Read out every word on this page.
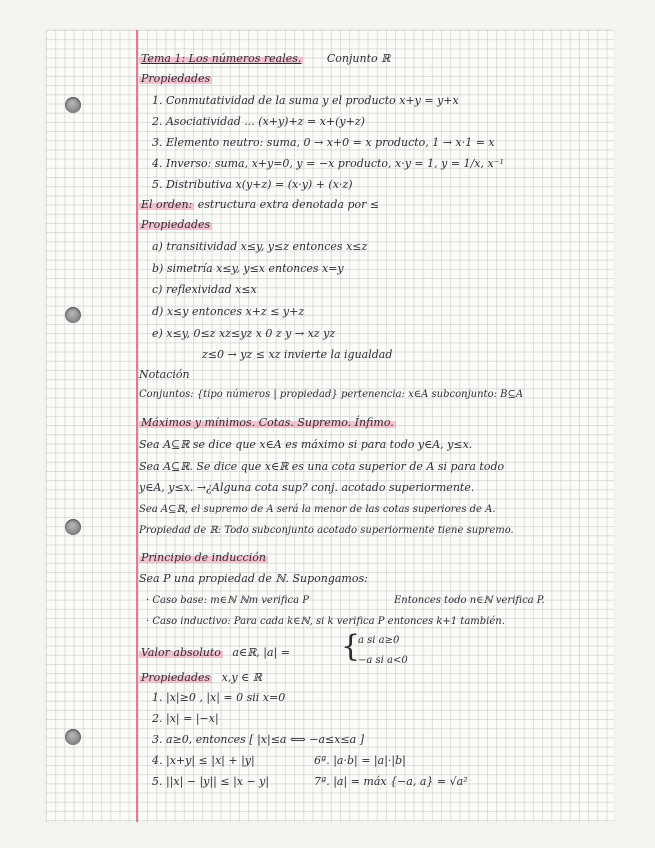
Tema 1: Los números reales. Conjunto ℝ
Propiedades
1. Conmutatividad de la suma y el producto x+y = y+x
2. Asociatividad ... (x+y)+z = x+(y+z)
3. Elemento neutro: suma, 0 → x+0 = x producto, 1 → x·1 = x
4. Inverso: suma, x+y=0, y = −x producto, x·y = 1, y = 1/x, x⁻¹
5. Distributiva x(y+z) = (x·y) + (x·z)
El orden: estructura extra denotada por ≤
Propiedades
a) transitividad x≤y, y≤z entonces x≤z
b) simetría x≤y, y≤x entonces x=y
c) reflexividad x≤x
d) x≤y entonces x+z ≤ y+z
e) x≤y, 0≤z xz≤yz x 0 z y → xz yz
z≤0 → yz ≤ xz invierte la igualdad
Notación
Conjuntos: {tipo números | propiedad} pertenencia: x∈A subconjunto: B⊆A
Máximos y mínimos. Cotas. Supremo. Ínfimo.
Sea A⊆ℝ se dice que x∈A es máximo si para todo y∈A, y≤x.
Sea A⊆ℝ. Se dice que x∈ℝ es una cota superior de A si para todo
y∈A, y≤x. →¿Alguna cota sup? conj. acotado superiormente.
Sea A⊆ℝ, el supremo de A será la menor de las cotas superiores de A.
Propiedad de ℝ: Todo subconjunto acotado superiormente tiene supremo.
Principio de inducción
Sea P una propiedad de ℕ. Supongamos:
· Caso base: m∈ℕ ℕm verifica P	Entonces todo n∈ℕ verifica P.
· Caso inductivo: Para cada k∈ℕ, si k verifica P entonces k+1 también.
Valor absoluto a∈ℝ, |a| = {
a si a≥0
−a si a<0
Propiedades x,y ∈ ℝ
1. |x|≥0 , |x| = 0 sii x=0
2. |x| = |−x|
3. a≥0, entonces [ |x|≤a ⟺ −a≤x≤a ]
4. |x+y| ≤ |x| + |y|
5. ||x| − |y|| ≤ |x − y|
6ª. |a·b| = |a|·|b|
7ª. |a| = máx {−a, a} = √a²
